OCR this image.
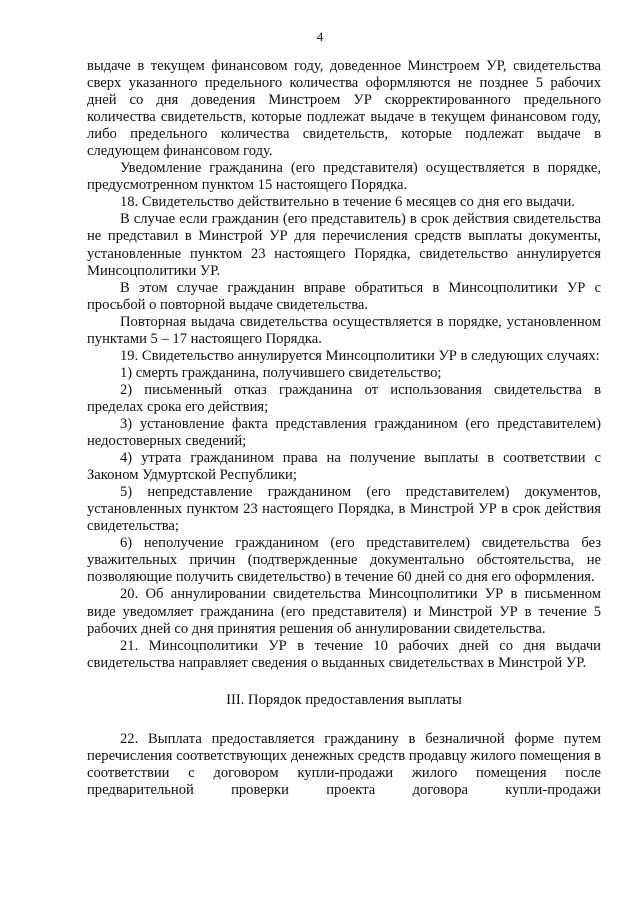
4

выдаче в текущем финансовом году, доведенное Минстроем УР, свидетельства сверх указанного предельного количества оформляются не позднее 5 рабочих дней со дня доведения Минстроем УР скорректированного предельного количества свидетельств, которые подлежат выдаче в текущем финансовом году, либо предельного количества свидетельств, которые подлежат выдаче в следующем финансовом году.

Уведомление гражданина (его представителя) осуществляется в порядке, предусмотренном пунктом 15 настоящего Порядка.

18. Свидетельство действительно в течение 6 месяцев со дня его выдачи.

В случае если гражданин (его представитель) в срок действия свидетельства не представил в Минстрой УР для перечисления средств выплаты документы, установленные пунктом 23 настоящего Порядка, свидетельство аннулируется Минсоцполитики УР.

В этом случае гражданин вправе обратиться в Минсоцполитики УР с просьбой о повторной выдаче свидетельства.

Повторная выдача свидетельства осуществляется в порядке, установленном пунктами 5 – 17 настоящего Порядка.

19. Свидетельство аннулируется Минсоцполитики УР в следующих случаях:

1) смерть гражданина, получившего свидетельство;

2) письменный отказ гражданина от использования свидетельства в пределах срока его действия;

3) установление факта представления гражданином (его представителем) недостоверных сведений;

4) утрата гражданином права на получение выплаты в соответствии с Законом Удмуртской Республики;

5) непредставление гражданином (его представителем) документов, установленных пунктом 23 настоящего Порядка, в Минстрой УР в срок действия свидетельства;

6) неполучение гражданином (его представителем) свидетельства без уважительных причин (подтвержденные документально обстоятельства, не позволяющие получить свидетельство) в течение 60 дней со дня его оформления.

20. Об аннулировании свидетельства Минсоцполитики УР в письменном виде уведомляет гражданина (его представителя) и Минстрой УР в течение 5 рабочих дней со дня принятия решения об аннулировании свидетельства.

21. Минсоцполитики УР в течение 10 рабочих дней со дня выдачи свидетельства направляет сведения о выданных свидетельствах в Минстрой УР.

III. Порядок предоставления выплаты

22. Выплата предоставляется гражданину в безналичной форме путем перечисления соответствующих денежных средств продавцу жилого помещения в соответствии с договором купли-продажи жилого помещения после предварительной проверки проекта договора купли-продажи
